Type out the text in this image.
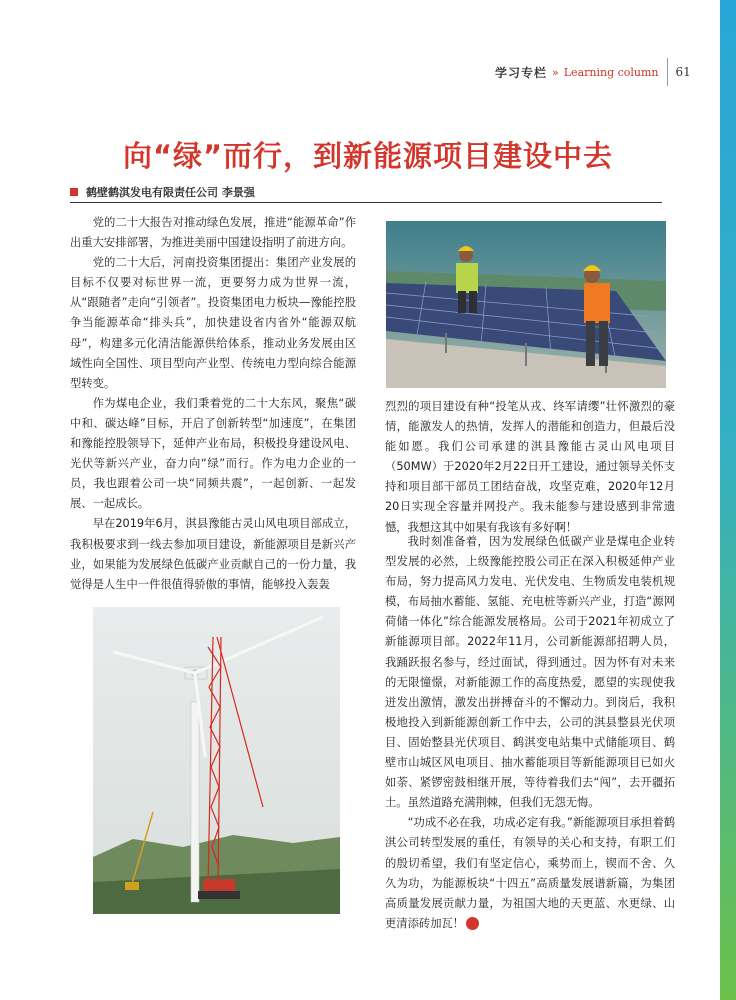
学习专栏 » Learning column 61
向“绿”而行，到新能源项目建设中去
鹤壁鹤淇发电有限责任公司 李景强

党的二十大报告对推动绿色发展，推进“能源革命”作出重大安排部署，为推进美丽中国建设指明了前进方向。

党的二十大后，河南投资集团提出：集团产业发展的目标不仅要对标世界一流，更要努力成为世界一流，从“跟随者”走向“引领者”。投资集团电力板块—豫能控股争当能源革命“排头兵”，加快建设省内省外“能源双航母”，构建多元化清洁能源供给体系，推动业务发展由区域性向全国性、项目型向产业型、传统电力型向综合能源型转变。

作为煤电企业，我们秉着党的二十大东风，聚焦“碳中和、碳达峰”目标，开启了创新转型“加速度”，在集团和豫能控股领导下，延伸产业布局，积极投身建设风电、光伏等新兴产业，奋力向“绿”而行。作为电力企业的一员，我也跟着公司一块“同频共震”，一起创新、一起发展、一起成长。

早在2019年6月，淇县豫能古灵山风电项目部成立，我积极要求到一线去参加项目建设，新能源项目是新兴产业，如果能为发展绿色低碳产业贡献自己的一份力量，我觉得是人生中一件很值得骄傲的事情，能够投入轰轰

烈烈的项目建设有种“投笔从戎、终军请缨”壮怀激烈的豪情，能激发人的热情，发挥人的潜能和创造力，但最后没能如愿。我们公司承建的淇县豫能古灵山风电项目（50MW）于2020年2月22日开工建设，通过领导关怀支持和项目部干部员工团结奋战，攻坚克难，2020年12月20日实现全容量并网投产。我未能参与建设感到非常遗憾，我想这其中如果有我该有多好啊！

我时刻准备着，因为发展绿色低碳产业是煤电企业转型发展的必然，上级豫能控股公司正在深入积极延伸产业布局，努力提高风力发电、光伏发电、生物质发电装机规模，布局抽水蓄能、氢能、充电桩等新兴产业，打造“源网荷储一体化”综合能源发展格局。公司于2021年初成立了新能源项目部。2022年11月，公司新能源部招聘人员，我踊跃报名参与，经过面试，得到通过。因为怀有对未来的无限憧憬，对新能源工作的高度热爱，愿望的实现使我迸发出激情，激发出拼搏奋斗的不懈动力。到岗后，我积极地投入到新能源创新工作中去，公司的淇县整县光伏项目、固始整县光伏项目、鹤淇变电站集中式储能项目、鹤壁市山城区风电项目、抽水蓄能项目等新能源项目已如火如荼、紧锣密鼓相继开展，等待着我们去“闯”，去开疆拓土。虽然道路充满荆棘，但我们无怨无悔。

“功成不必在我，功成必定有我。”新能源项目承担着鹤淇公司转型发展的重任，有领导的关心和支持，有职工们的殷切希望，我们有坚定信心，乘势而上，锲而不舍、久久为功，为能源板块“十四五”高质量发展谱新篇，为集团高质量发展贡献力量，为祖国大地的天更蓝、水更绿、山更清添砖加瓦！
